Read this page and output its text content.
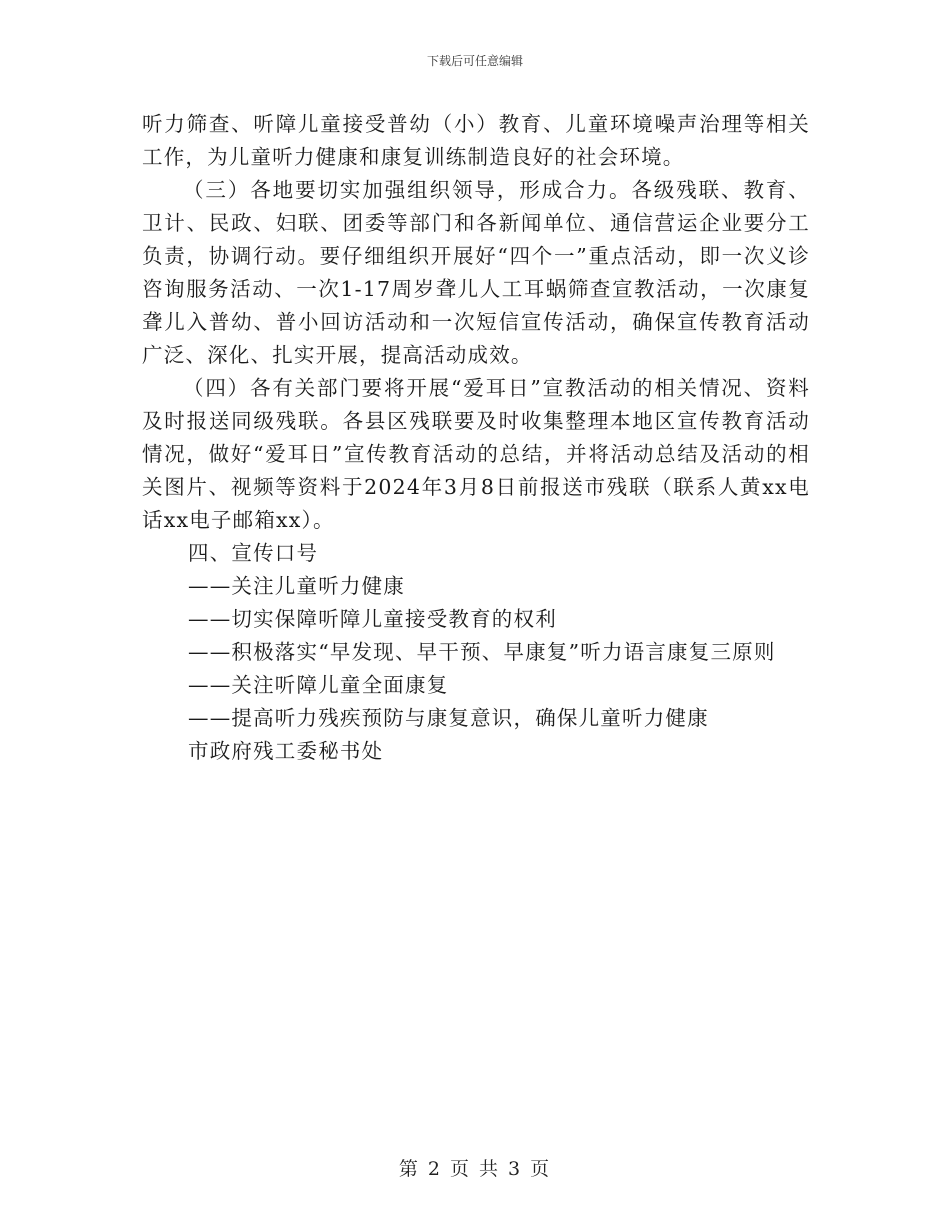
下载后可任意编辑

听力筛查、听障儿童接受普幼（小）教育、儿童环境噪声治理等相关工作，为儿童听力健康和康复训练制造良好的社会环境。

（三）各地要切实加强组织领导，形成合力。各级残联、教育、卫计、民政、妇联、团委等部门和各新闻单位、通信营运企业要分工负责，协调行动。要仔细组织开展好“四个一”重点活动，即一次义诊咨询服务活动、一次1-17周岁聋儿人工耳蜗筛查宣教活动，一次康复聋儿入普幼、普小回访活动和一次短信宣传活动，确保宣传教育活动广泛、深化、扎实开展，提高活动成效。

（四）各有关部门要将开展“爱耳日”宣教活动的相关情况、资料及时报送同级残联。各县区残联要及时收集整理本地区宣传教育活动情况，做好“爱耳日”宣传教育活动的总结，并将活动总结及活动的相关图片、视频等资料于2024年3月8日前报送市残联（联系人黄xx电话xx电子邮箱xx）。

四、宣传口号

——关注儿童听力健康

——切实保障听障儿童接受教育的权利

——积极落实“早发现、早干预、早康复”听力语言康复三原则

——关注听障儿童全面康复

——提高听力残疾预防与康复意识，确保儿童听力健康

市政府残工委秘书处

第 2 页 共 3 页
